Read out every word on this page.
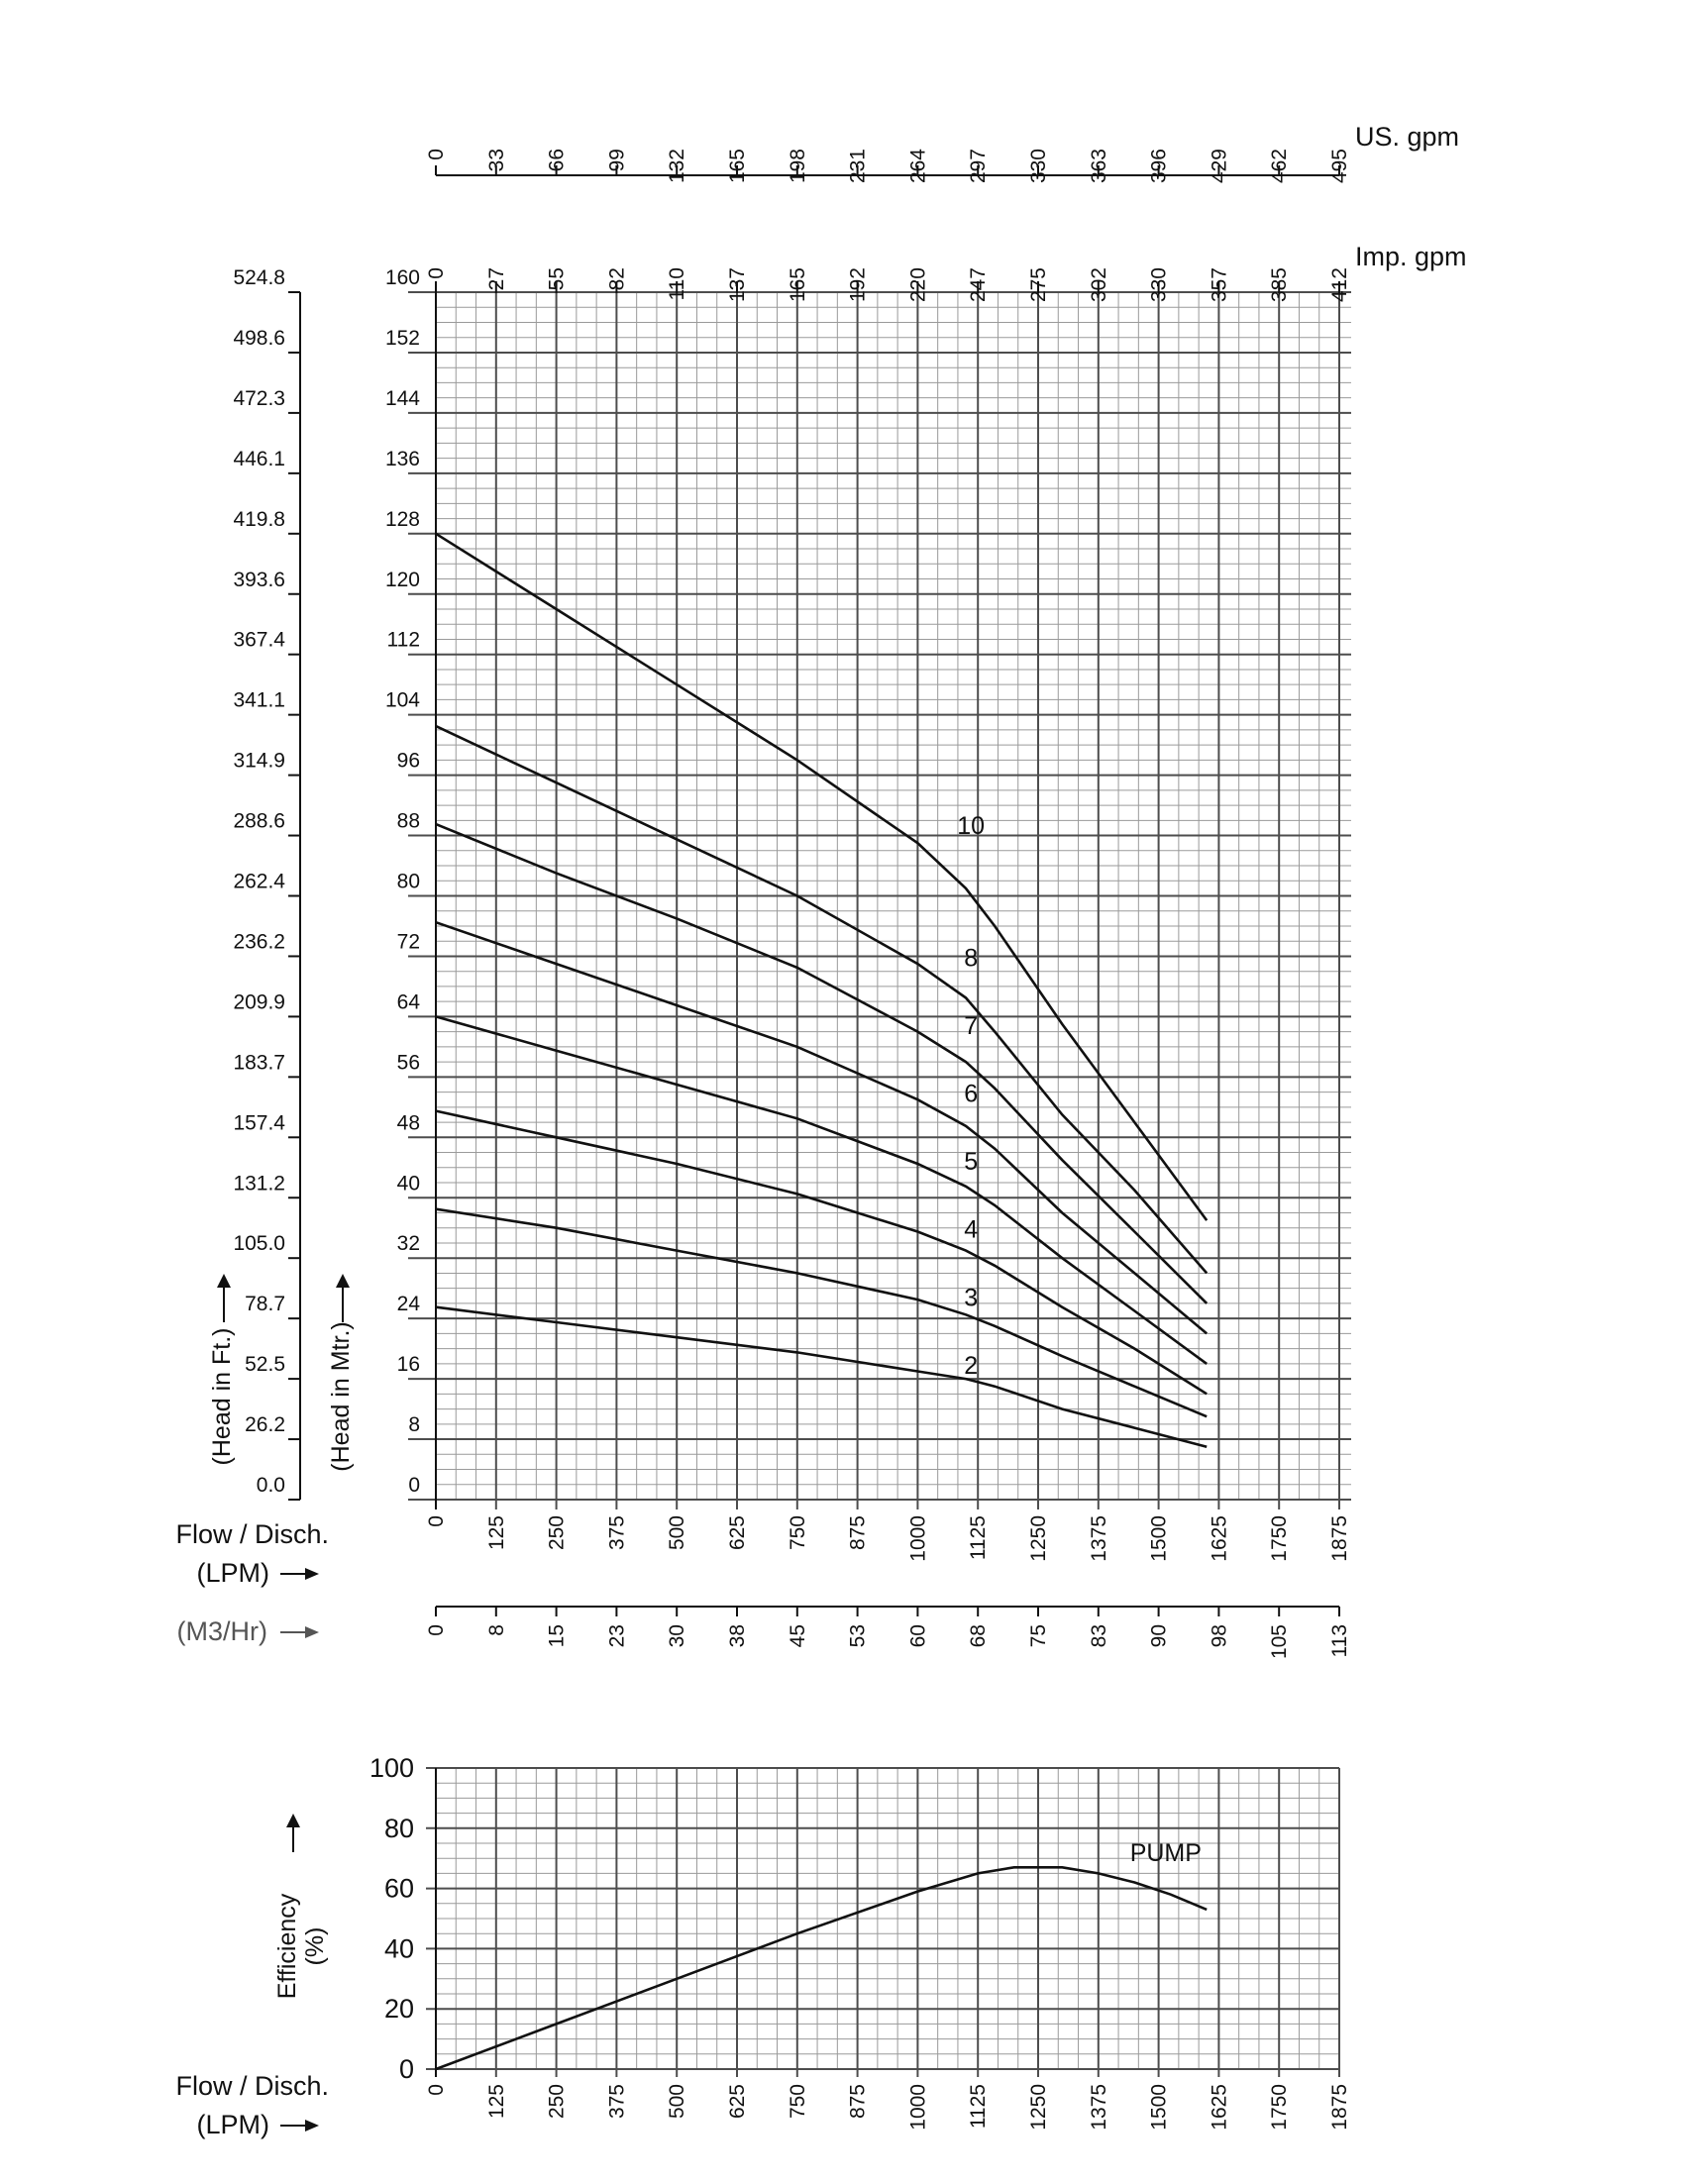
0
8
16
24
32
40
48
56
64
72
80
88
96
104
112
120
128
136
144
152
160
0.0
26.2
52.5
78.7
105.0
131.2
157.4
183.7
209.9
236.2
262.4
288.6
314.9
341.1
367.4
393.6
419.8
446.1
472.3
498.6
524.8
(Head in Ft.)	(Head in Mtr.)
0 33 66 99 132 165 198 231 264 297 330 363 396 429 462 495
US. gpm
0 27 55 82 110 137 165 192 220 247 275 302 330 357 385 412
Imp. gpm
0 125 250 375 500 625 750 875 1000 1125 1250 1375 1500 1625 1750 1875
Flow / Disch.
(LPM)
0 8 15 23 30 38 45 53 60 68 75 83 90 98 105 113
(M3/Hr)
10
8
7
6
5
4
3
2
0
20
40
60
80
100
Efficiency (%)
0 125 250 375 500 625 750 875 1000 1125 1250 1375 1500 1625 1750 1875
Flow / Disch.
(LPM)
PUMP
